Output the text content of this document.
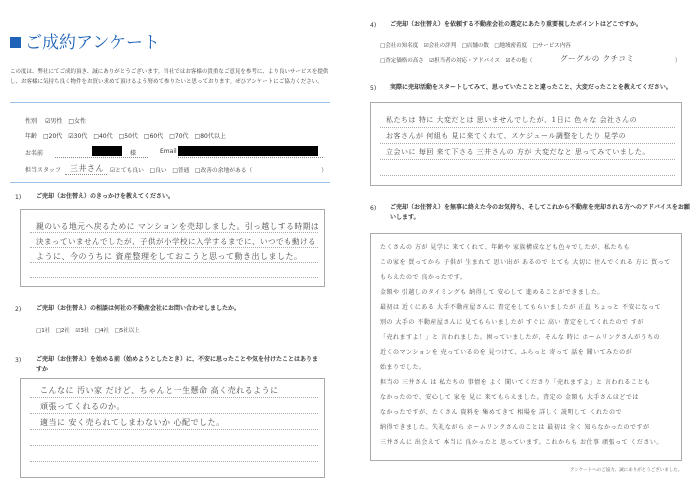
ご成約アンケート
この度は、弊社にてご成約頂き、誠にありがとうございます。当社ではお客様の貴重なご意見を参考に、より良いサービスを提供し、お客様に気持ち良く物件をお買い求めて頂けるよう努めて参りたいと思っております。ぜひアンケートにご協力ください。
性別 ☑男性　□女性
年齢 □20代　☑30代　□40代　□50代　□60代　□70代　□80代以上
お名前	様	Email
担当スタッフ 三井さん ☑とても良い　□良い　□普通　□改善の余地がある（　　　　　　　　　　　　）
1) ご売却（お住替え）のきっかけを教えてください。
親のいる地元へ戻るために マンションを売却しました。引っ越しする時期は
決まっていませんでしたが、子供が小学校に入学するまでに、いつでも動ける
ように、今のうちに 資産整理をしておこうと思って動き出しました。
2) ご売却（お住替え）の相談は何社の不動産会社にお問い合わせしましたか。
□1社　□2社　☑3社　□4社　□5社以上
3) ご売却（お住替え）を始める前（始めようとしたとき）に、不安に思ったことや気を付けたことはありますか
こんなに 汚い家 だけど、ちゃんと一生懸命 高く売れるように
頑張ってくれるのか。
適当に 安く売られてしまわないか 心配でした。
4) ご売却（お住替え）を依頼する不動産会社の選定にあたり重要視したポイントはどこですか。
□会社の知名度　☑会社の評判　□店舗の数　□地域密着度　□サービス内容
□査定価格の高さ　☑担当者の対応・アドバイス　☑その他（	グーグルの クチコミ	）
5) 実際に売却活動をスタートしてみて、思っていたことと違ったこと、大変だったことを教えてください。
私たちは 特に 大変だとは 思いませんでしたが、1日に 色々な 会社さんの
お客さんが 何組も 見に来てくれて、スケジュール調整をしたり 見学の
立会いに 毎回 来て下さる 三井さんの 方が 大変だなと 思ってみていました。
6) ご売却（お住替え）を無事に終えた今のお気持ち、そしてこれから不動産を売却される方へのアドバイスをお願いします。
たくさんの 方が 見学に 来てくれて、年齢や 家族構成なども色々でしたが、私たちも
この家を 買ってから 子供が 生まれて 思い出が あるので とても 大切に 住んでくれる 方に 買って
もらえたので 良かったです。
金額や 引越しのタイミングも 納得して 安心して 進めることができました。
最初は 近くにある 大手不動産屋さんに 査定をしてもらいましたが 正直 ちょっと 不安になって
別の 大手の 不動産屋さんに 見てもらいましたが すぐに 高い 査定をしてくれたので すが
「売れますよ！」と 言われました。困っていましたが、そんな 時に ホームリンクさんがうちの
近くのマンションを 売っているのを 見つけて、ふらっと 寄って 話を 聞いてみたのが
始まりでした。
担当の 三井さん は 私たちの 事情を よく 聞いてくださり「売れますよ」と 言われることも
なかったので、安心して 家を 見に 来てもらえました。査定の 金額も 大手さんほどでは
なかったですが、たくさん 資料を 集めてきて 相場を 詳しく 説明して くれたので
納得できました。失礼ながら ホームリンクさんのことは 最初は 全く 知らなかったのですが
三井さんに 出会えて 本当に 良かったと 思っています。これからも お仕事 頑張って ください。
アンケートへのご協力、誠にありがとうございました。
